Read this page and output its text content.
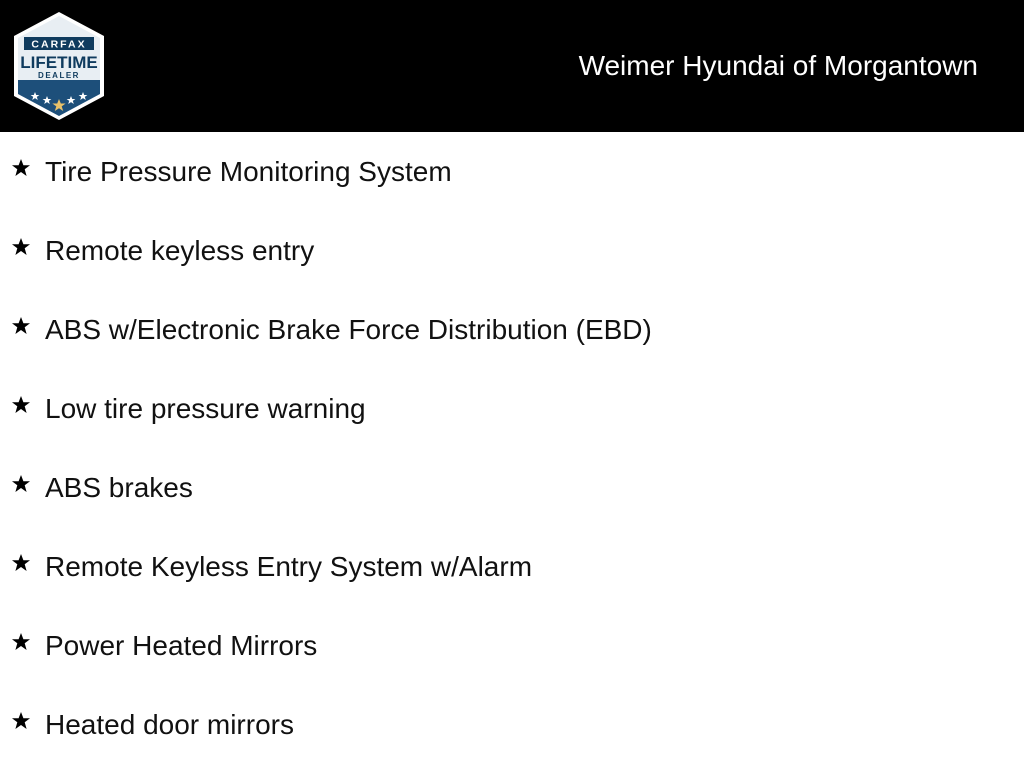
CARFAX
LIFETIME
DEALER	Weimer Hyundai of Morgantown
Tire Pressure Monitoring System
Remote keyless entry
ABS w/Electronic Brake Force Distribution (EBD)
Low tire pressure warning
ABS brakes
Remote Keyless Entry System w/Alarm
Power Heated Mirrors
Heated door mirrors
